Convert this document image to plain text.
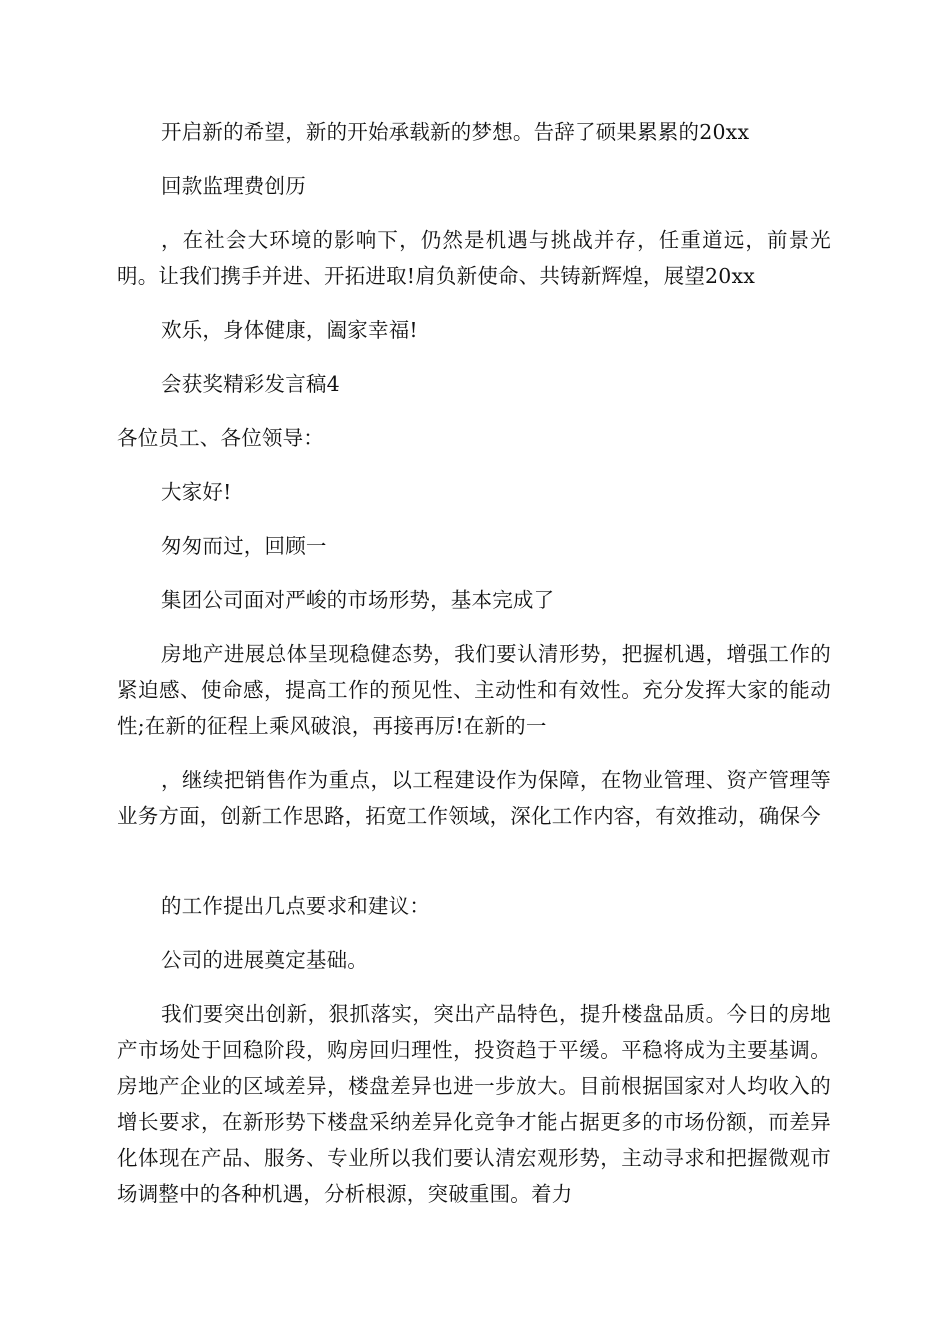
开启新的希望，新的开始承载新的梦想。告辞了硕果累累的20xx

回款监理费创历

，在社会大环境的影响下，仍然是机遇与挑战并存，任重道远，前景光明。让我们携手并进、开拓进取!肩负新使命、共铸新辉煌，展望20xx

欢乐，身体健康，阖家幸福!

会获奖精彩发言稿4

各位员工、各位领导：

大家好!

匆匆而过，回顾一

集团公司面对严峻的市场形势，基本完成了

房地产进展总体呈现稳健态势，我们要认清形势，把握机遇，增强工作的紧迫感、使命感，提高工作的预见性、主动性和有效性。充分发挥大家的能动性;在新的征程上乘风破浪，再接再厉!在新的一

，继续把销售作为重点，以工程建设作为保障，在物业管理、资产管理等业务方面，创新工作思路，拓宽工作领域，深化工作内容，有效推动，确保今

的工作提出几点要求和建议：

公司的进展奠定基础。

我们要突出创新，狠抓落实，突出产品特色，提升楼盘品质。今日的房地产市场处于回稳阶段，购房回归理性，投资趋于平缓。平稳将成为主要基调。房地产企业的区域差异，楼盘差异也进一步放大。目前根据国家对人均收入的增长要求，在新形势下楼盘采纳差异化竞争才能占据更多的市场份额，而差异化体现在产品、服务、专业所以我们要认清宏观形势，主动寻求和把握微观市场调整中的各种机遇，分析根源，突破重围。着力
